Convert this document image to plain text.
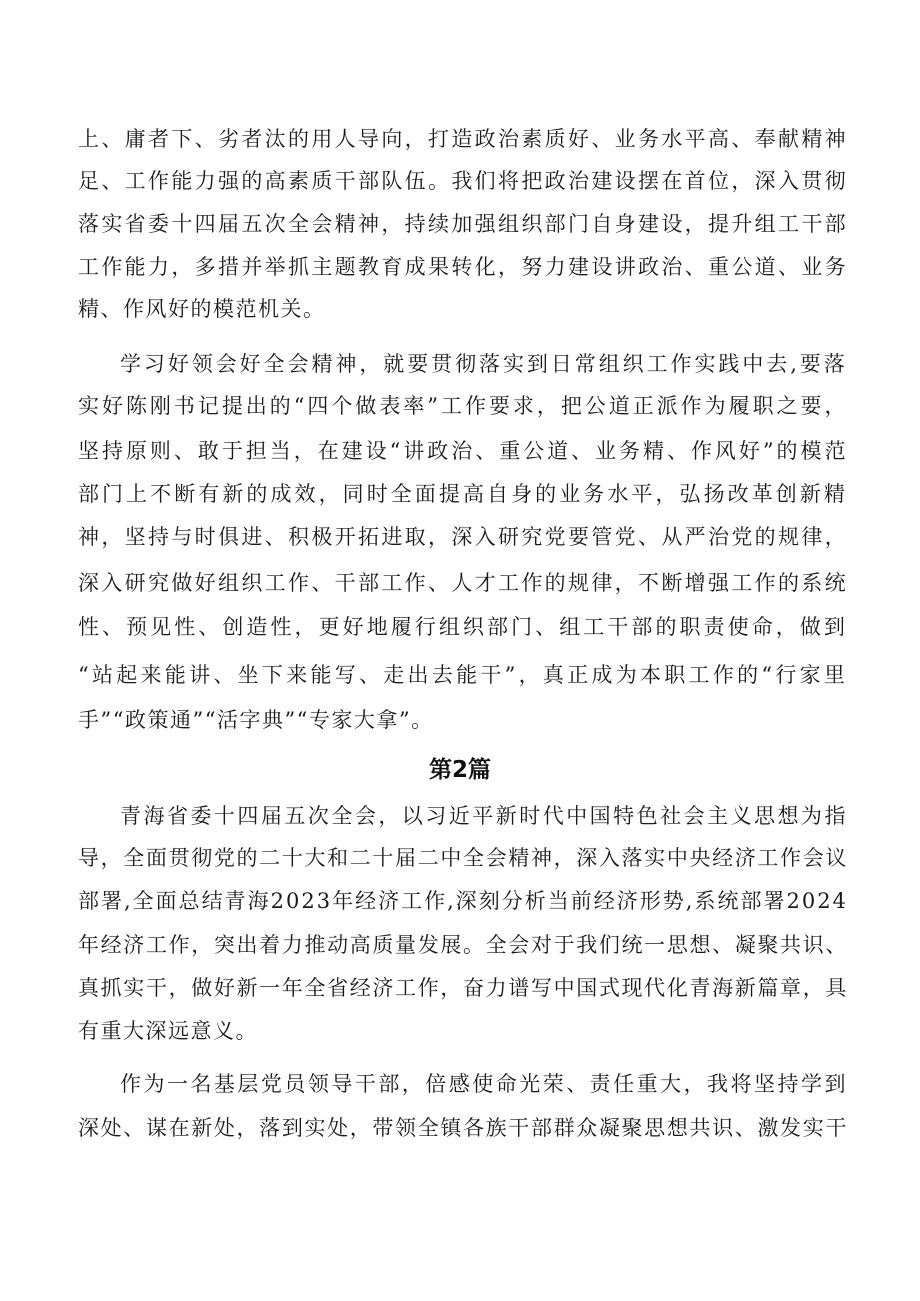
上、庸者下、劣者汰的用人导向，打造政治素质好、业务水平高、奉献精神
足、工作能力强的高素质干部队伍。我们将把政治建设摆在首位，深入贯彻
落实省委十四届五次全会精神，持续加强组织部门自身建设，提升组工干部
工作能力，多措并举抓主题教育成果转化，努力建设讲政治、重公道、业务
精、作风好的模范机关。
学习好领会好全会精神，就要贯彻落实到日常组织工作实践中去,要落
实好陈刚书记提出的“四个做表率”工作要求，把公道正派作为履职之要，
坚持原则、敢于担当，在建设“讲政治、重公道、业务精、作风好”的模范
部门上不断有新的成效，同时全面提高自身的业务水平，弘扬改革创新精
神，坚持与时俱进、积极开拓进取，深入研究党要管党、从严治党的规律，
深入研究做好组织工作、干部工作、人才工作的规律，不断增强工作的系统
性、预见性、创造性，更好地履行组织部门、组工干部的职责使命，做到
“站起来能讲、坐下来能写、走出去能干”，真正成为本职工作的“行家里
手”“政策通”“活字典”“专家大拿”。
第2篇
青海省委十四届五次全会，以习近平新时代中国特色社会主义思想为指
导，全面贯彻党的二十大和二十届二中全会精神，深入落实中央经济工作会议
部署,全面总结青海2023年经济工作,深刻分析当前经济形势,系统部署2024
年经济工作，突出着力推动高质量发展。全会对于我们统一思想、凝聚共识、
真抓实干，做好新一年全省经济工作，奋力谱写中国式现代化青海新篇章，具
有重大深远意义。
作为一名基层党员领导干部，倍感使命光荣、责任重大，我将坚持学到
深处、谋在新处，落到实处，带领全镇各族干部群众凝聚思想共识、激发实干
